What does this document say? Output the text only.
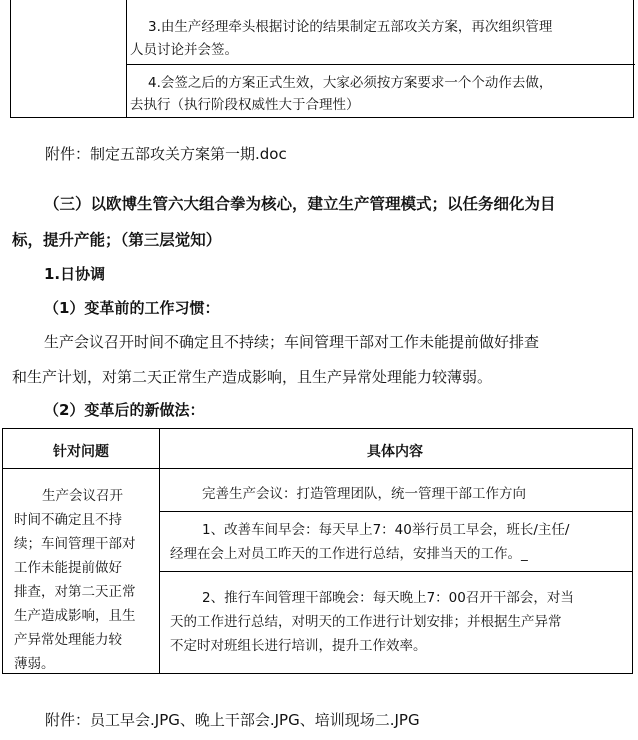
3.由生产经理牵头根据讨论的结果制定五部攻关方案，再次组织管理
人员讨论并会签。
4.会签之后的方案正式生效，大家必须按方案要求一个个动作去做，
去执行（执行阶段权威性大于合理性）
附件：制定五部攻关方案第一期.doc
（三）以欧博生管六大组合拳为核心，建立生产管理模式；以任务细化为目
标，提升产能；（第三层觉知）
1.日协调
（1）变革前的工作习惯：
生产会议召开时间不确定且不持续；车间管理干部对工作未能提前做好排查
和生产计划，对第二天正常生产造成影响，且生产异常处理能力较薄弱。
（2）变革后的新做法：
针对问题	具体内容
生产会议召开
时间不确定且不持
续；车间管理干部对
工作未能提前做好
排查，对第二天正常
生产造成影响，且生
产异常处理能力较
薄弱。
完善生产会议：打造管理团队，统一管理干部工作方向
1、改善车间早会：每天早上7：40举行员工早会，班长/主任/
经理在会上对员工昨天的工作进行总结，安排当天的工作。_
2、推行车间管理干部晚会：每天晚上7：00召开干部会，对当
天的工作进行总结，对明天的工作进行计划安排；并根据生产异常
不定时对班组长进行培训，提升工作效率。
附件：员工早会.JPG、晚上干部会.JPG、培训现场二.JPG
